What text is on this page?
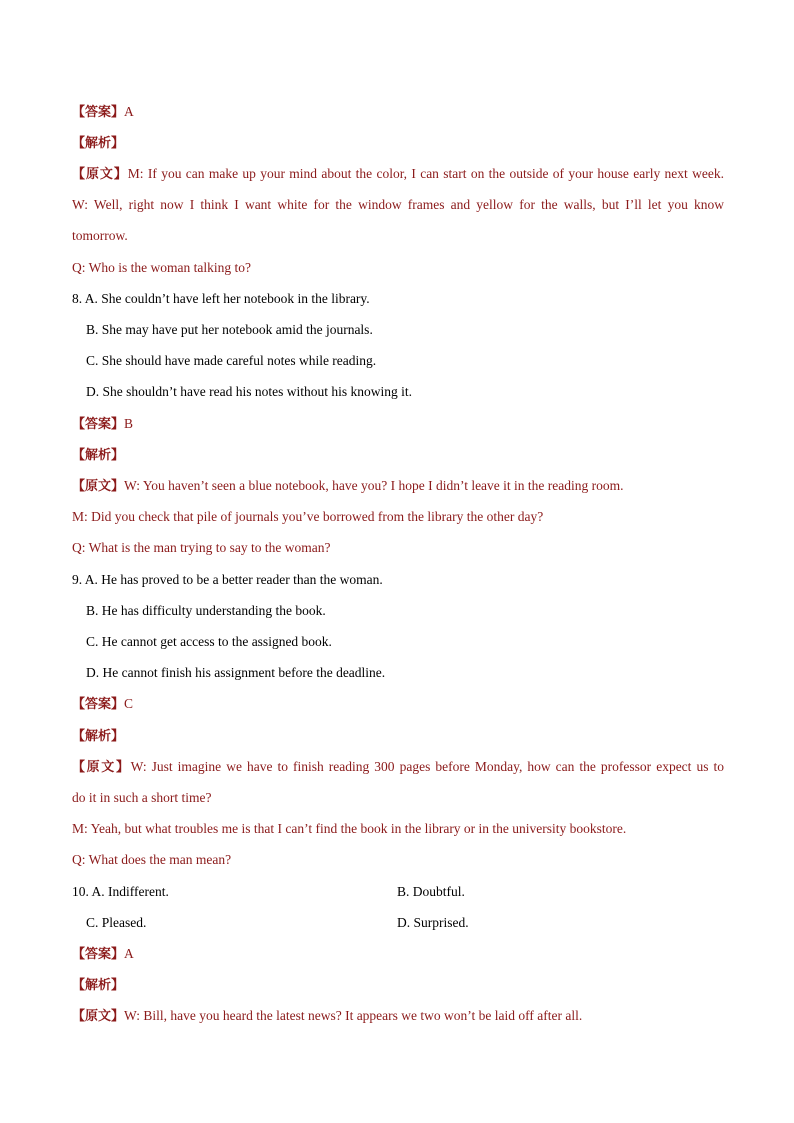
【答案】A
【解析】
【原文】M: If you can make up your mind about the color, I can start on the outside of your house early next week.
W: Well, right now I think I want white for the window frames and yellow for the walls, but I’ll let you know
tomorrow.
Q: Who is the woman talking to?
8. A. She couldn’t have left her notebook in the library.
B. She may have put her notebook amid the journals.
C. She should have made careful notes while reading.
D. She shouldn’t have read his notes without his knowing it.
【答案】B
【解析】
【原文】W: You haven’t seen a blue notebook, have you? I hope I didn’t leave it in the reading room.
M: Did you check that pile of journals you’ve borrowed from the library the other day?
Q: What is the man trying to say to the woman?
9. A. He has proved to be a better reader than the woman.
B. He has difficulty understanding the book.
C. He cannot get access to the assigned book.
D. He cannot finish his assignment before the deadline.
【答案】C
【解析】
【原文】W: Just imagine we have to finish reading 300 pages before Monday, how can the professor expect us to
do it in such a short time?
M: Yeah, but what troubles me is that I can’t find the book in the library or in the university bookstore.
Q: What does the man mean?
10. A. Indifferent.	B. Doubtful.
C. Pleased.	D. Surprised.
【答案】A
【解析】
【原文】W: Bill, have you heard the latest news? It appears we two won’t be laid off after all.
